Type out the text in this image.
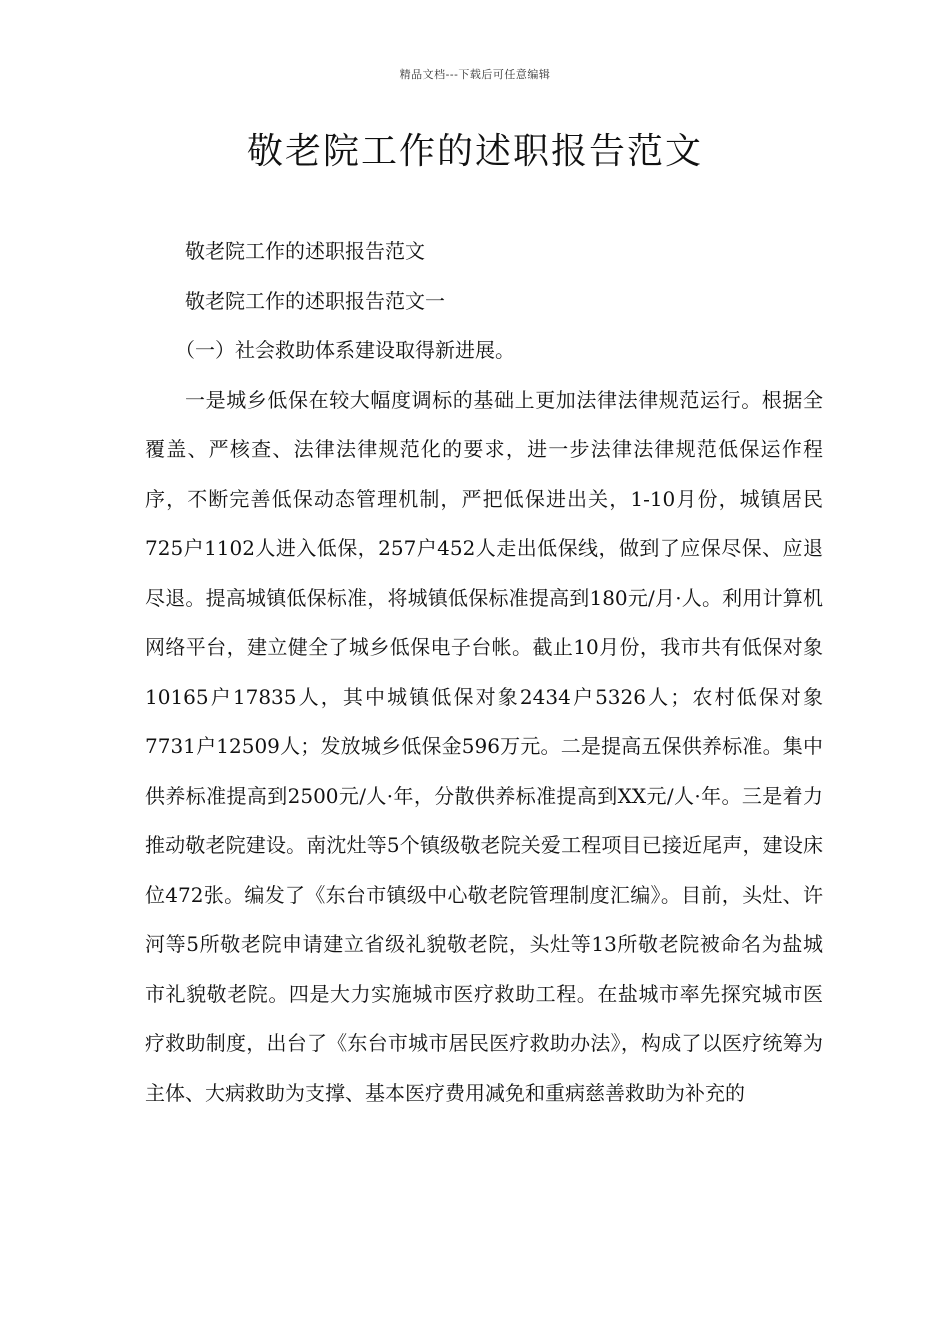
精品文档---下载后可任意编辑
敬老院工作的述职报告范文

敬老院工作的述职报告范文

敬老院工作的述职报告范文一

（一）社会救助体系建设取得新进展。

一是城乡低保在较大幅度调标的基础上更加法律法律规范运行。根据全覆盖、严核查、法律法律规范化的要求，进一步法律法律规范低保运作程序，不断完善低保动态管理机制，严把低保进出关，1-10月份，城镇居民725户1102人进入低保，257户452人走出低保线，做到了应保尽保、应退尽退。提高城镇低保标准，将城镇低保标准提高到180元/月·人。利用计算机网络平台，建立健全了城乡低保电子台帐。截止10月份，我市共有低保对象10165户17835人，其中城镇低保对象2434户5326人；农村低保对象7731户12509人；发放城乡低保金596万元。二是提高五保供养标准。集中供养标准提高到2500元/人·年，分散供养标准提高到XX元/人·年。三是着力推动敬老院建设。南沈灶等5个镇级敬老院关爱工程项目已接近尾声，建设床位472张。编发了《东台市镇级中心敬老院管理制度汇编》。目前，头灶、许河等5所敬老院申请建立省级礼貌敬老院，头灶等13所敬老院被命名为盐城市礼貌敬老院。四是大力实施城市医疗救助工程。在盐城市率先探究城市医疗救助制度，出台了《东台市城市居民医疗救助办法》，构成了以医疗统筹为主体、大病救助为支撑、基本医疗费用减免和重病慈善救助为补充的
